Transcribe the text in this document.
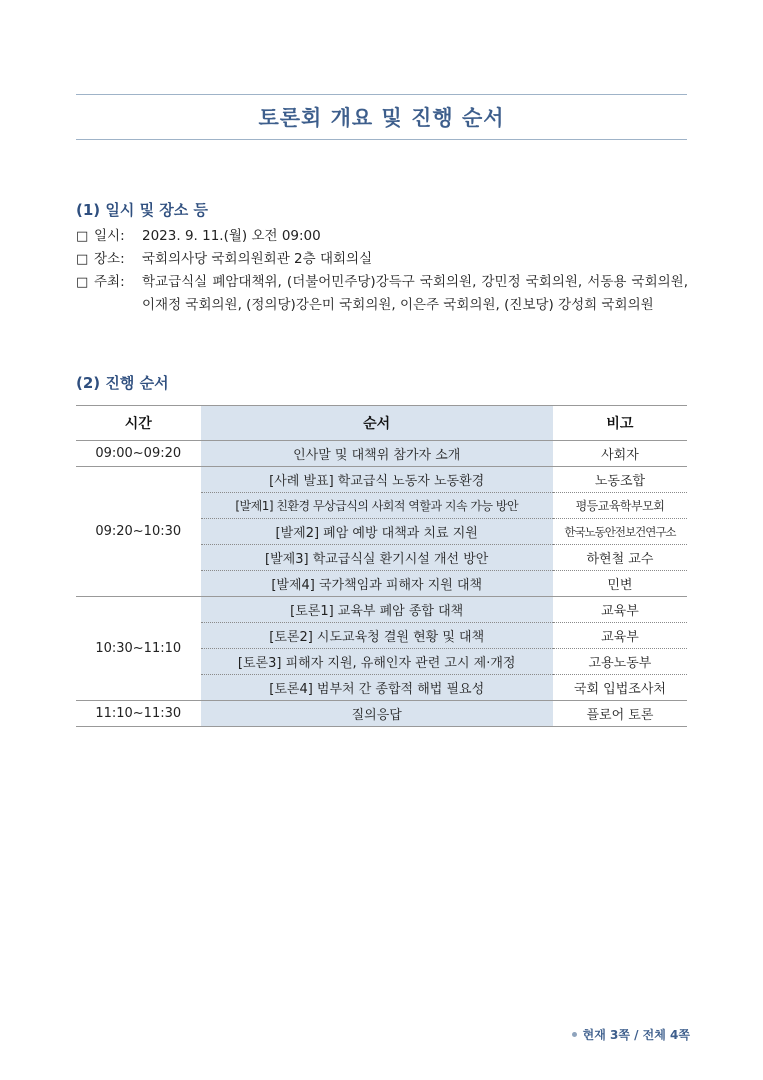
토론회 개요 및 진행 순서
(1) 일시 및 장소 등
□ 일시:	2023. 9. 11.(월) 오전 09:00
□ 장소:	국회의사당 국회의원회관 2층 대회의실
□ 주최:	학교급식실 폐암대책위, (더불어민주당)강득구 국회의원, 강민정 국회의원, 서동용 국회의원, 이재정 국회의원, (정의당)강은미 국회의원, 이은주 국회의원, (진보당) 강성희 국회의원
(2) 진행 순서
시간	순서	비고
09:00~09:20	인사말 및 대책위 참가자 소개	사회자
09:20~10:30	[사례 발표] 학교급식 노동자 노동환경	노동조합
	[발제1] 친환경 무상급식의 사회적 역할과 지속 가능 방안	평등교육학부모회
	[발제2] 폐암 예방 대책과 치료 지원	한국노동안전보건연구소
	[발제3] 학교급식실 환기시설 개선 방안	하현철 교수
	[발제4] 국가책임과 피해자 지원 대책	민변
10:30~11:10	[토론1] 교육부 폐암 종합 대책	교육부
	[토론2] 시도교육청 결원 현황 및 대책	교육부
	[토론3] 피해자 지원, 유해인자 관련 고시 제·개정	고용노동부
	[토론4] 범부처 간 종합적 해법 필요성	국회 입법조사처
11:10~11:30	질의응답	플로어 토론
현재 3쪽 / 전체 4쪽
